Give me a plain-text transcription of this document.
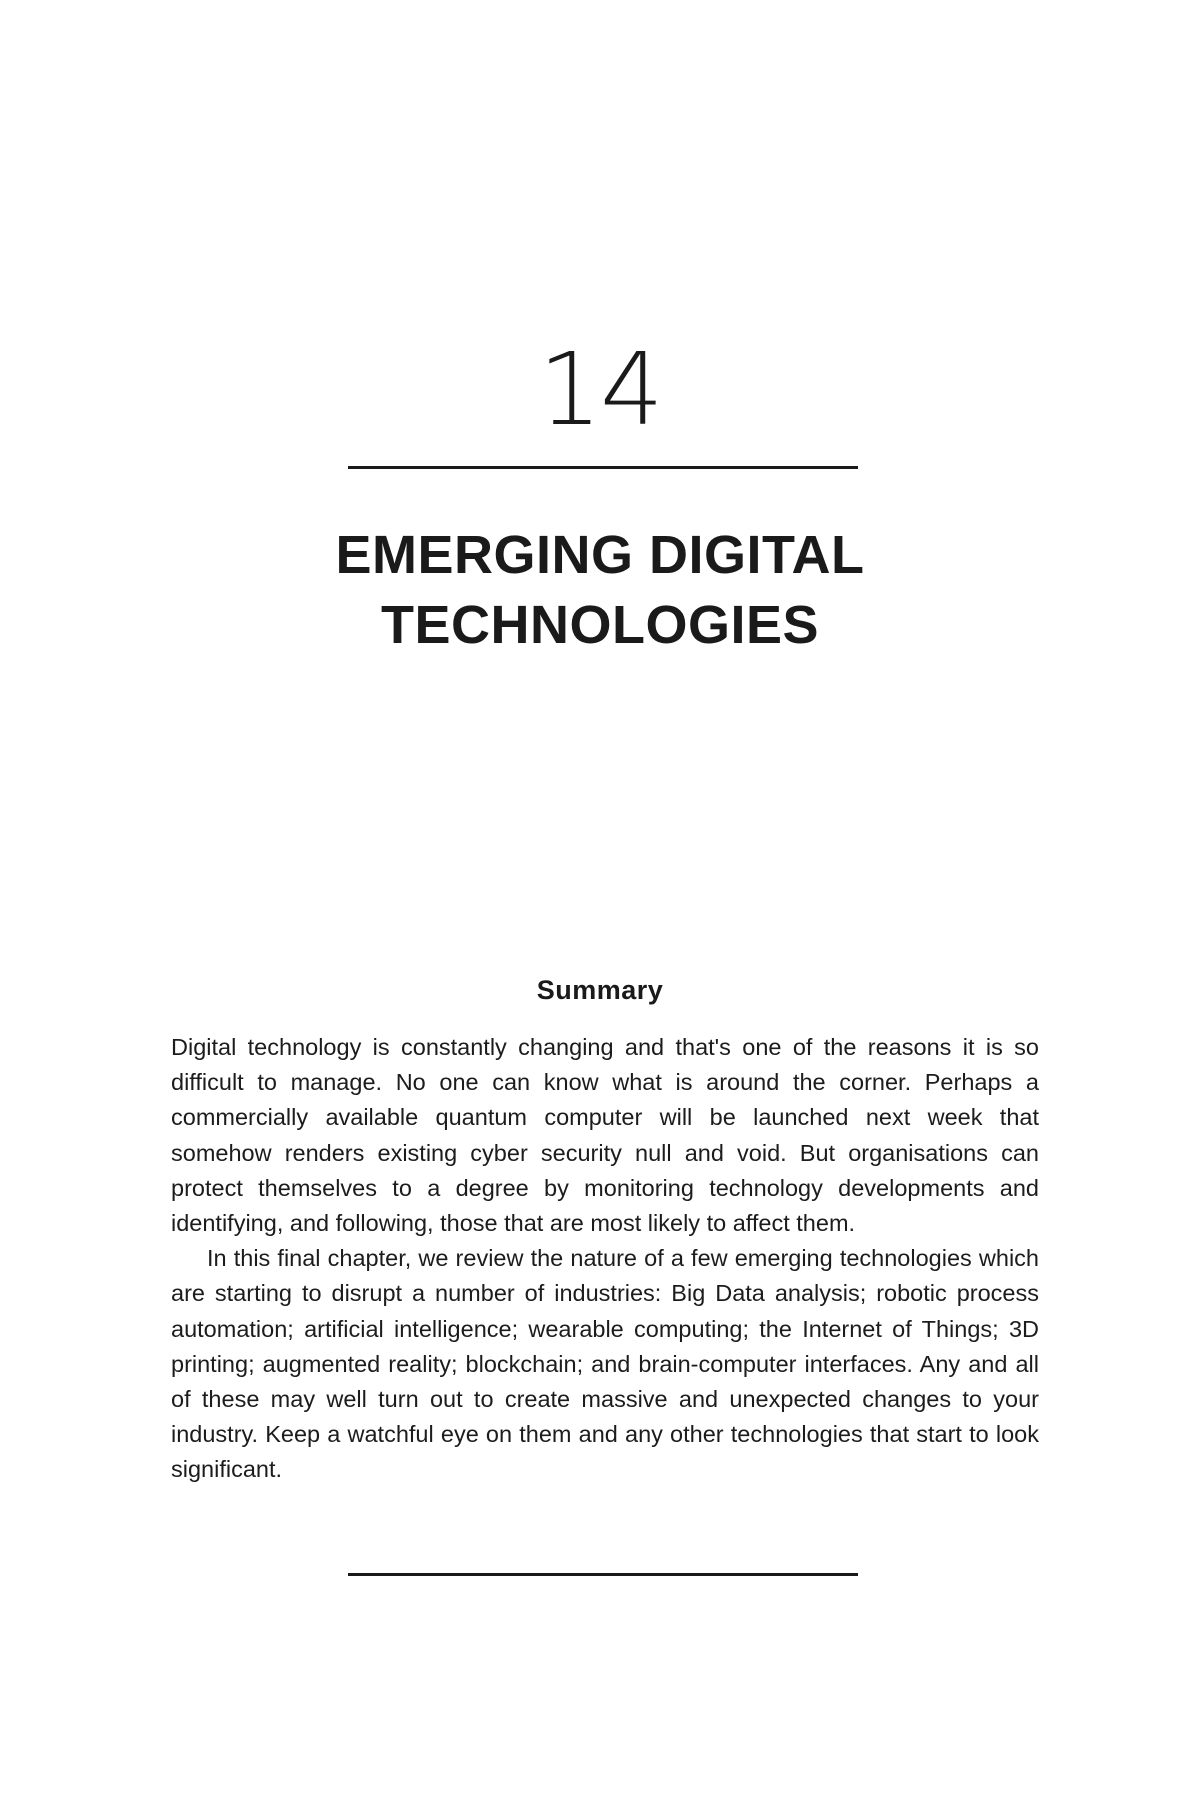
14
EMERGING DIGITAL
TECHNOLOGIES
Summary

Digital technology is constantly changing and that's one of the reasons it is so difficult to manage. No one can know what is around the corner. Perhaps a commercially available quantum computer will be launched next week that somehow renders existing cyber security null and void. But organisations can protect themselves to a degree by monitoring technology developments and identifying, and following, those that are most likely to affect them.

In this final chapter, we review the nature of a few emerging technologies which are starting to disrupt a number of industries: Big Data analysis; robotic process automation; artificial intelligence; wearable computing; the Internet of Things; 3D printing; augmented reality; blockchain; and brain-computer interfaces. Any and all of these may well turn out to create massive and unexpected changes to your industry. Keep a watchful eye on them and any other technologies that start to look significant.
